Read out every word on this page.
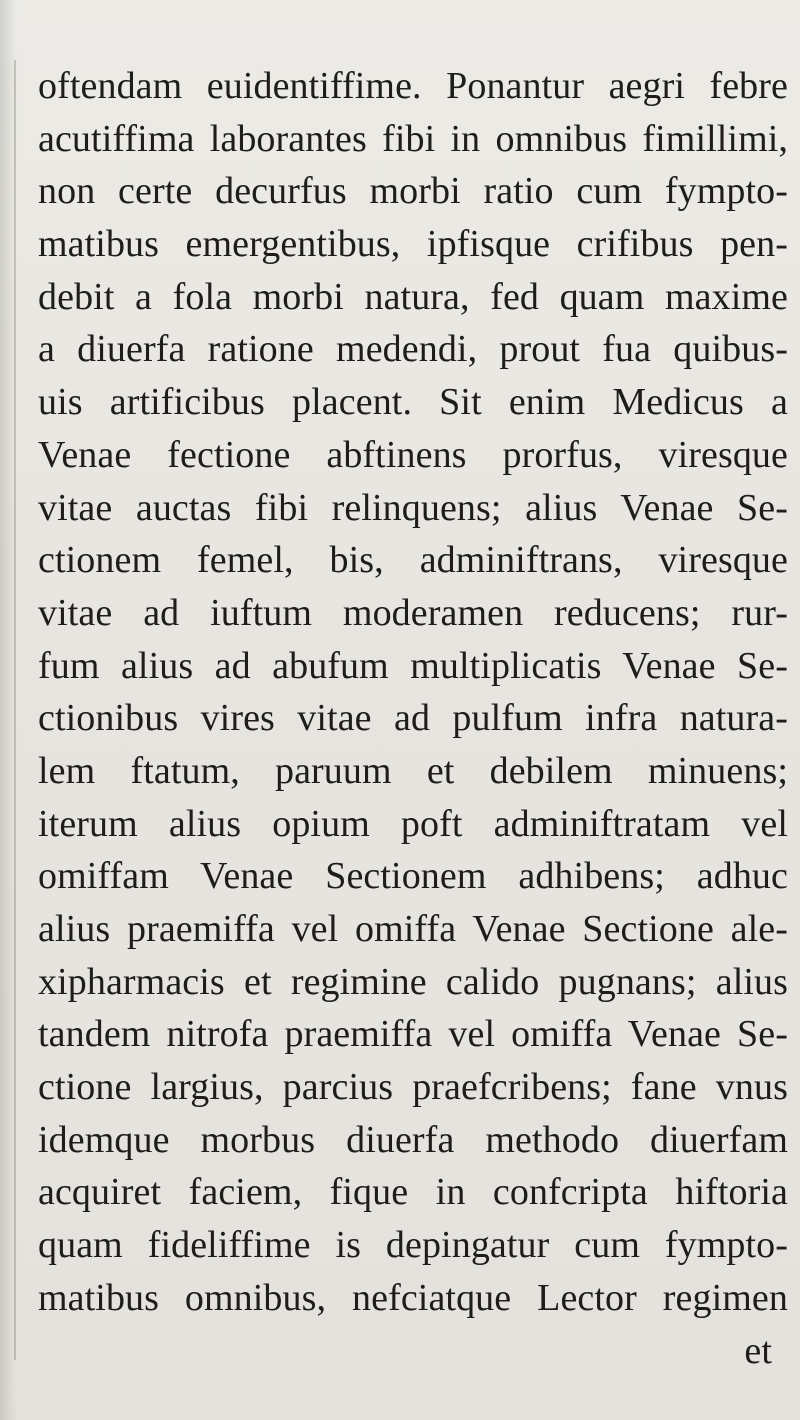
oftendam euidentiffime. Ponantur aegri febre
acutiffima laborantes fibi in omnibus fimillimi,
non certe decurfus morbi ratio cum fympto-
matibus emergentibus, ipfisque crifibus pen-
debit a fola morbi natura, fed quam maxime
a diuerfa ratione medendi, prout fua quibus-
uis artificibus placent. Sit enim Medicus a
Venae fectione abftinens prorfus, viresque
vitae auctas fibi relinquens; alius Venae Se-
ctionem femel, bis, adminiftrans, viresque
vitae ad iuftum moderamen reducens; rur-
fum alius ad abufum multiplicatis Venae Se-
ctionibus vires vitae ad pulfum infra natura-
lem ftatum, paruum et debilem minuens;
iterum alius opium poft adminiftratam vel
omiffam Venae Sectionem adhibens; adhuc
alius praemiffa vel omiffa Venae Sectione ale-
xipharmacis et regimine calido pugnans; alius
tandem nitrofa praemiffa vel omiffa Venae Se-
ctione largius, parcius praefcribens; fane vnus
idemque morbus diuerfa methodo diuerfam
acquiret faciem, fique in confcripta hiftoria
quam fideliffime is depingatur cum fympto-
matibus omnibus, nefciatque Lector regimen
et
